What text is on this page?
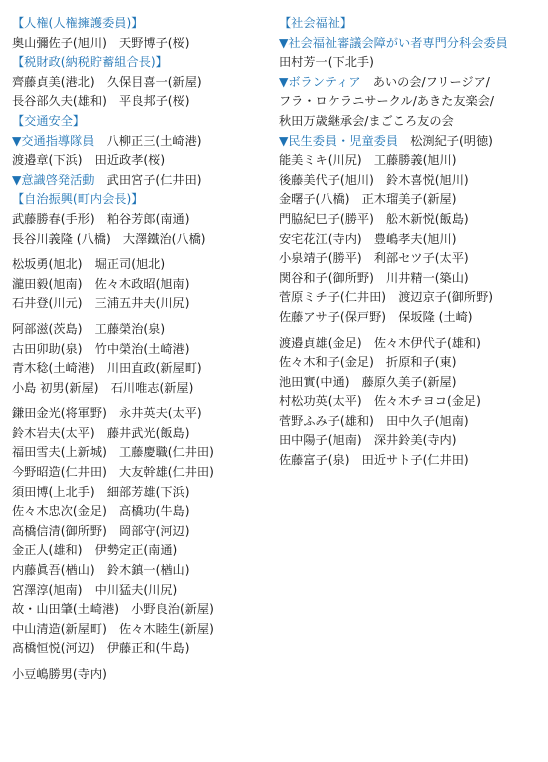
【人権(人権擁護委員)】
奥山彌佐子(旭川)　天野博子(桜)
【税財政(納税貯蓄組合長)】
齊藤貞美(港北)　久保目喜一(新屋)
長谷部久夫(雄和)　平良邦子(桜)
【交通安全】
▼交通指導隊員　八柳正三(土崎港)
渡邉章(下浜)　田近政孝(桜)
▼意識啓発活動　武田宮子(仁井田)
【自治振興(町内会長)】
武藤勝春(手形)　粕谷芳郎(南通)
長谷川義隆 (八橋)　大澤鐵治(八橋)
松坂勇(旭北)　堀正司(旭北)
瀧田毅(旭南)　佐々木政昭(旭南)
石井登(川元)　三浦五井夫(川尻)
阿部滋(茨島)　工藤榮治(泉)
古田卯助(泉)　竹中榮治(土崎港)
青木稔(土崎港)　川田直政(新屋町)
小島 初男(新屋)　石川唯志(新屋)
鎌田金光(将軍野)　永井英夫(太平)
鈴木岩夫(太平)　藤井武光(飯島)
福田雪夫(上新城)　工藤慶職(仁井田)
今野昭造(仁井田)　大友幹雄(仁井田)
須田博(上北手)　細部芳雄(下浜)
佐々木忠次(金足)　高橋功(牛島)
高橋信清(御所野)　岡部守(河辺)
金正人(雄和)　伊勢定正(南通)
内藤眞吾(楢山)　鈴木鎮一(楢山)
宮澤淳(旭南)　中川猛夫(川尻)
故・山田肇(土崎港)　小野良治(新屋)
中山清造(新屋町)　佐々木睦生(新屋)
髙橋恒悦(河辺)　伊藤正和(牛島)
小豆嶋勝男(寺内)
【社会福祉】
▼社会福祉審議会障がい者専門分科会委員
田村芳一(下北手)
▼ボランティア　あいの会/フリージア/
フラ・ロケラニサークル/あきた友楽会/
秋田万歳継承会/まごころ友の会
▼民生委員・児童委員　松渕紀子(明徳)
能美ミキ(川尻)　工藤勝義(旭川)
後藤美代子(旭川)　鈴木喜悦(旭川)
金曙子(八橋)　正木瑠美子(新屋)
門脇紀巳子(勝平)　舩木新悦(飯島)
安宅花江(寺内)　豊嶋孝夫(旭川)
小泉靖子(勝平)　利部セツ子(太平)
関谷和子(御所野)　川井精一(築山)
菅原ミチ子(仁井田)　渡辺京子(御所野)
佐藤アサ子(保戸野)　保坂隆 (土崎)
渡邉貞雄(金足)　佐々木伊代子(雄和)
佐々木和子(金足)　折原和子(東)
池田實(中通)　藤原久美子(新屋)
村松功英(太平)　佐々木チヨコ(金足)
菅野ふみ子(雄和)　田中久子(旭南)
田中陽子(旭南)　深井鈴美(寺内)
佐藤富子(泉)　田近サト子(仁井田)
